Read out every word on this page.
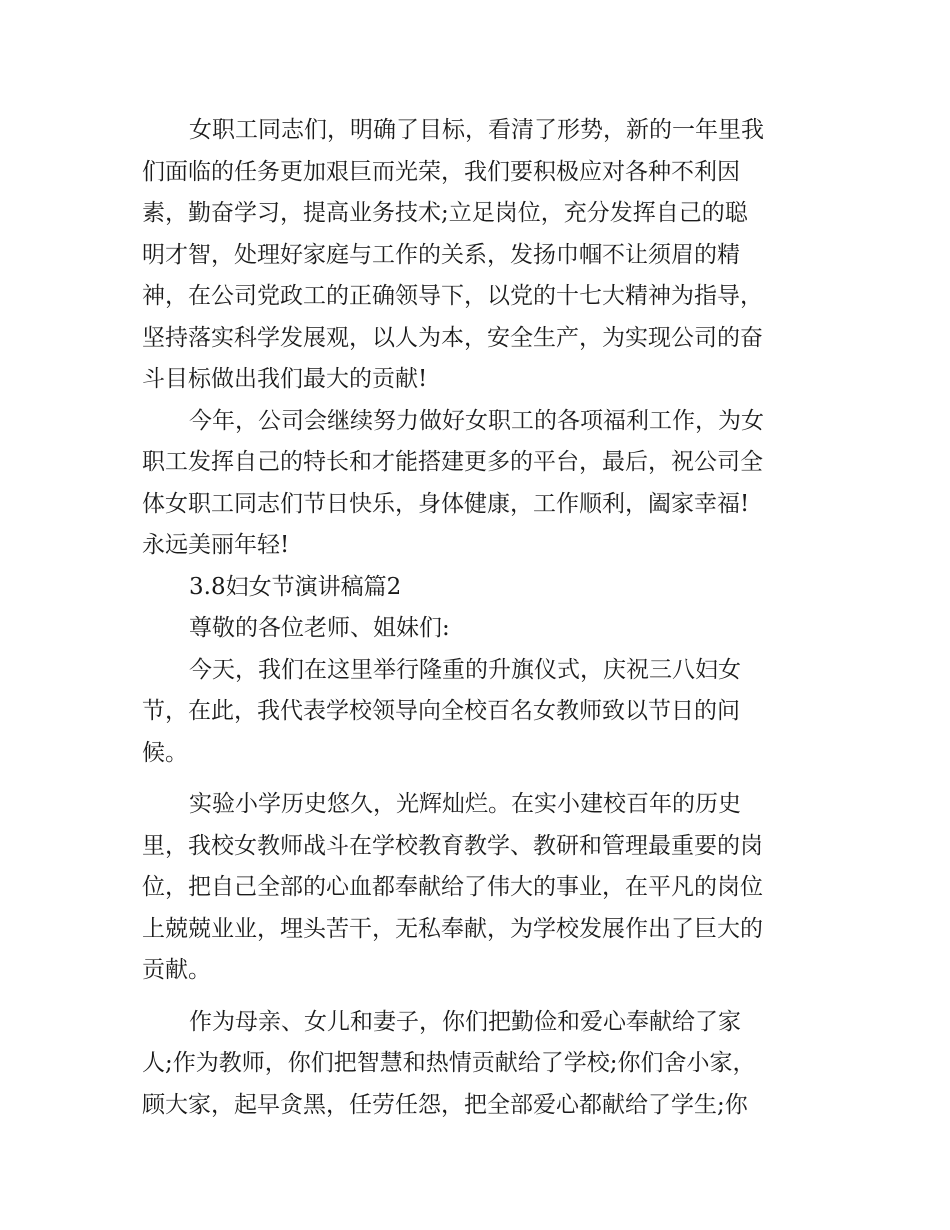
女职工同志们，明确了目标，看清了形势，新的一年里我
们面临的任务更加艰巨而光荣，我们要积极应对各种不利因
素，勤奋学习，提高业务技术;立足岗位，充分发挥自己的聪
明才智，处理好家庭与工作的关系，发扬巾帼不让须眉的精
神，在公司党政工的正确领导下，以党的十七大精神为指导，
坚持落实科学发展观，以人为本，安全生产，为实现公司的奋
斗目标做出我们最大的贡献!
今年，公司会继续努力做好女职工的各项福利工作，为女
职工发挥自己的特长和才能搭建更多的平台，最后，祝公司全
体女职工同志们节日快乐，身体健康，工作顺利，阖家幸福!
永远美丽年轻!
3.8妇女节演讲稿篇2
尊敬的各位老师、姐妹们:
今天，我们在这里举行隆重的升旗仪式，庆祝三八妇女
节，在此，我代表学校领导向全校百名女教师致以节日的问
候。
实验小学历史悠久，光辉灿烂。在实小建校百年的历史
里，我校女教师战斗在学校教育教学、教研和管理最重要的岗
位，把自己全部的心血都奉献给了伟大的事业，在平凡的岗位
上兢兢业业，埋头苦干，无私奉献，为学校发展作出了巨大的
贡献。
作为母亲、女儿和妻子，你们把勤俭和爱心奉献给了家
人;作为教师，你们把智慧和热情贡献给了学校;你们舍小家，
顾大家，起早贪黑，任劳任怨，把全部爱心都献给了学生;你
